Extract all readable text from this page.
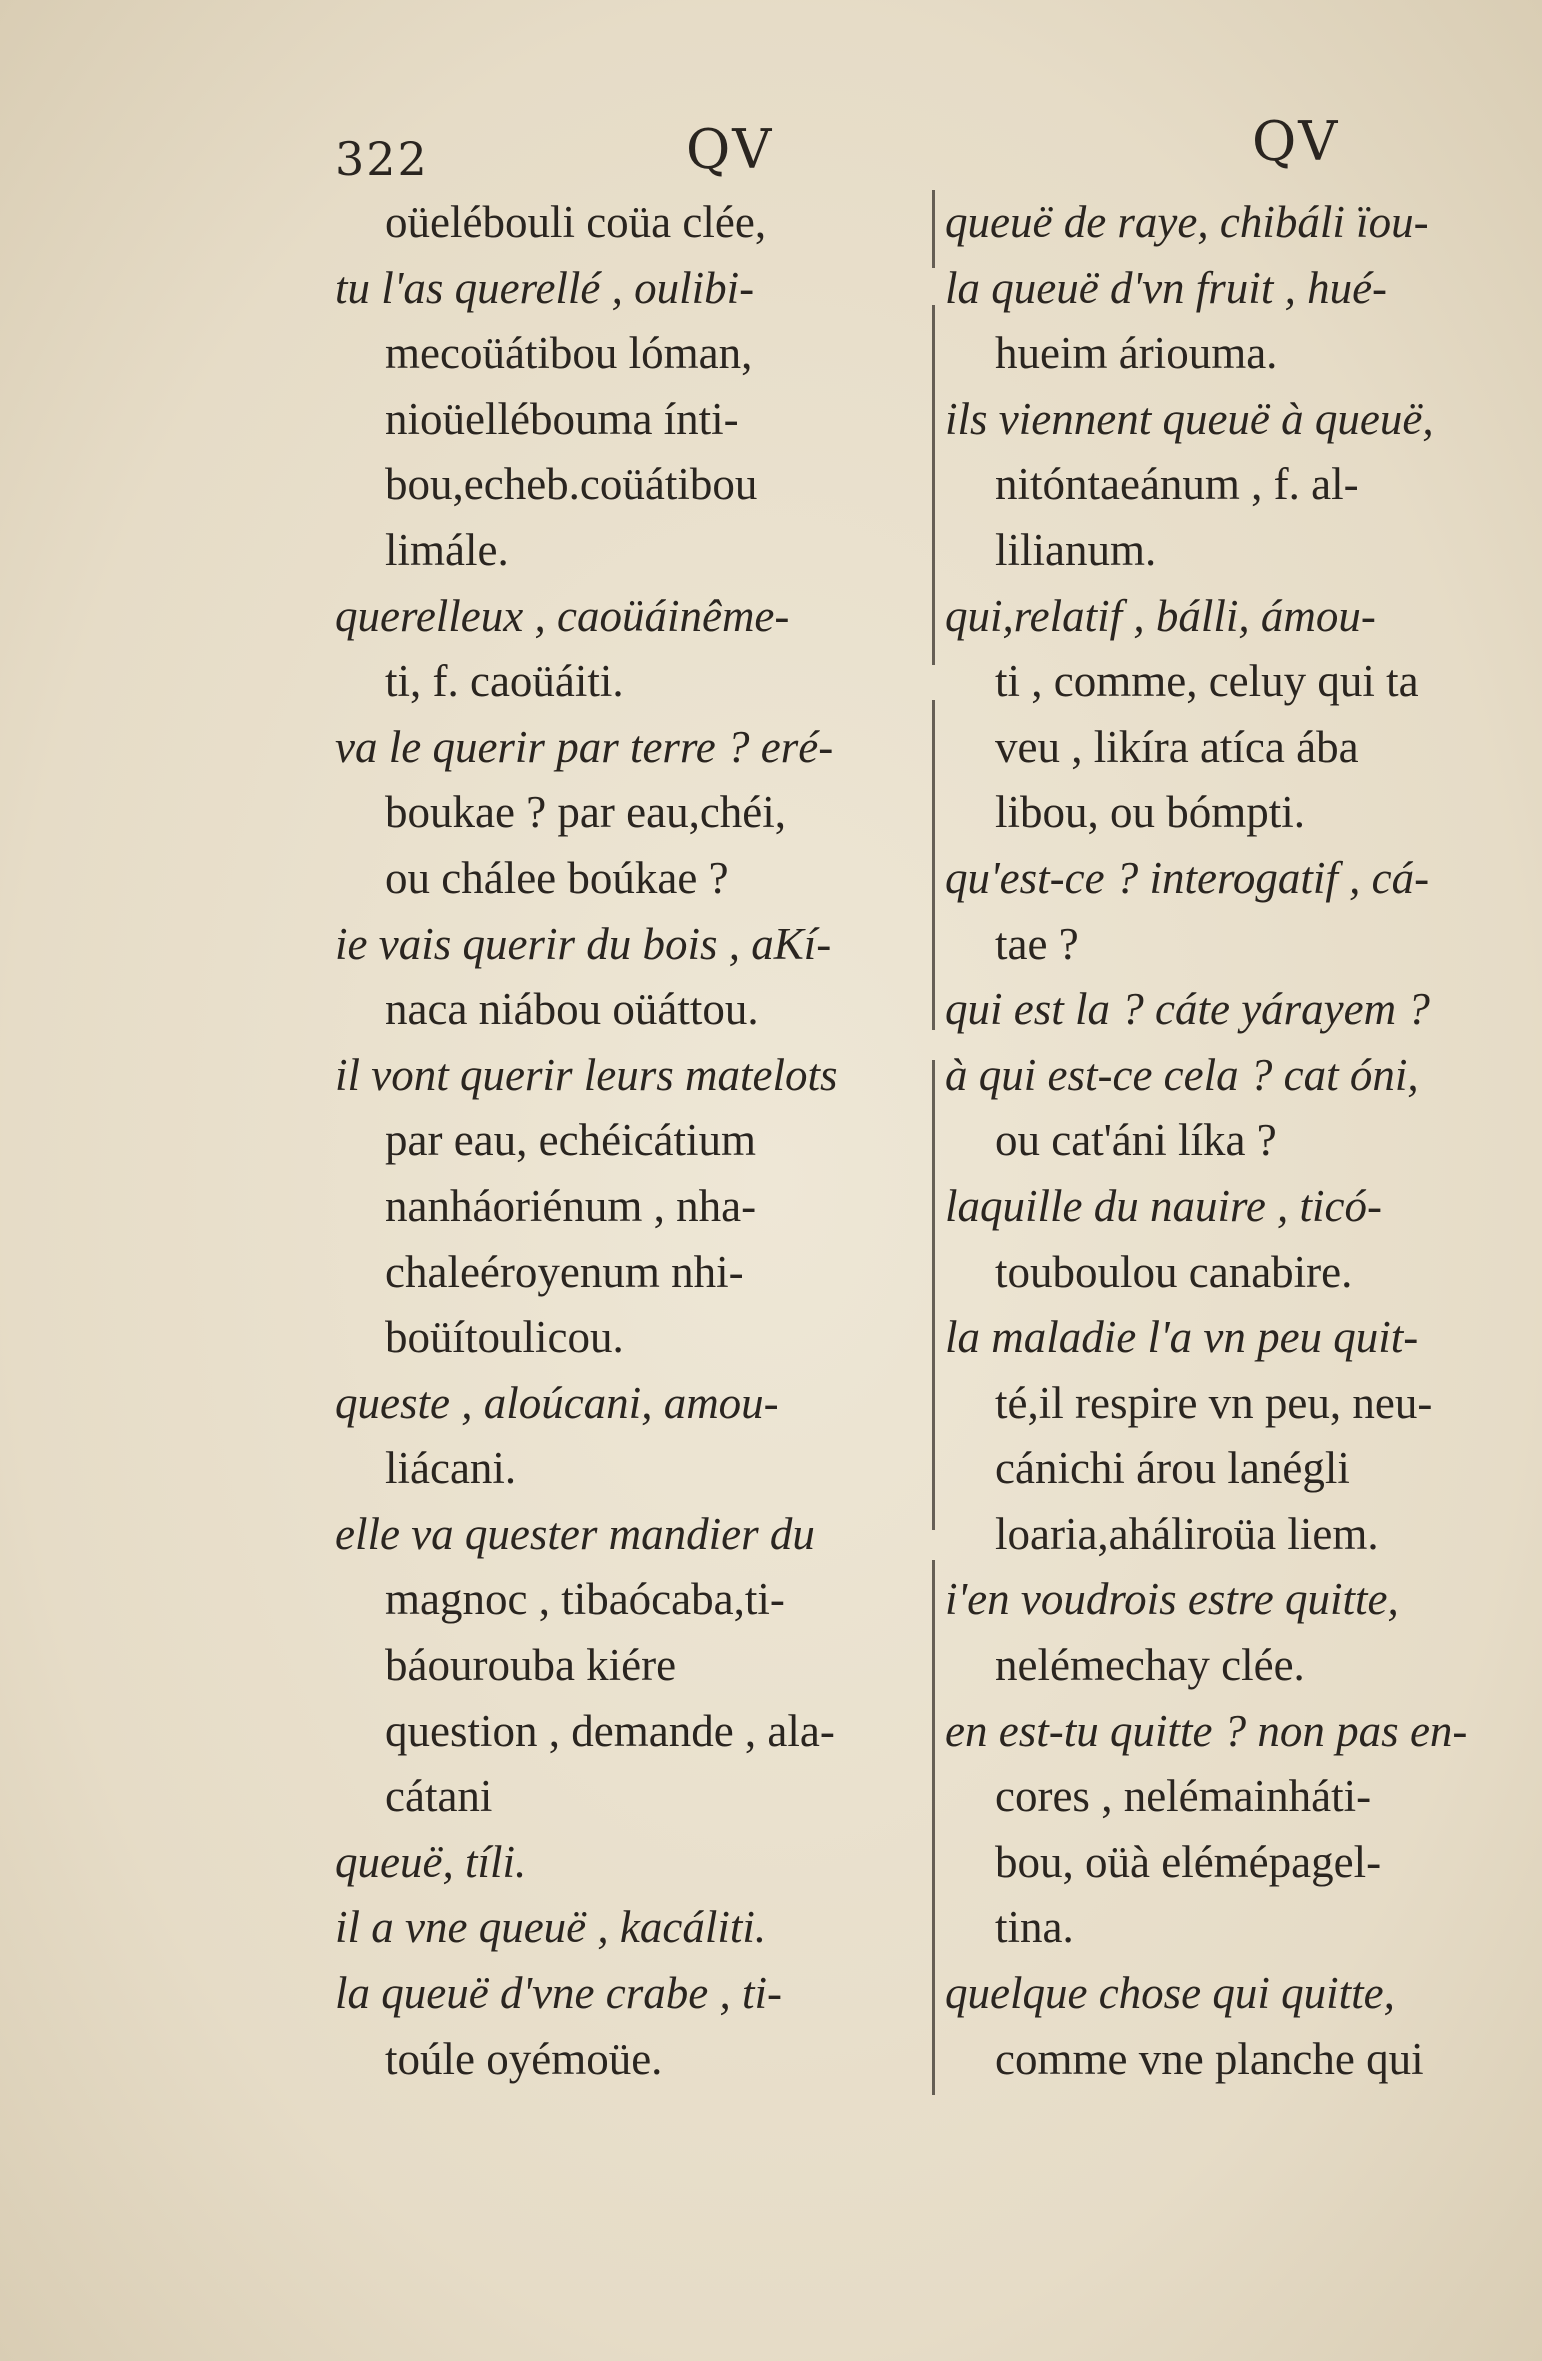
322	QV	QV
oüelébouli coüa clée,
tu l'as querellé , oulibi-
mecoüátibou lóman,
nioüellébouma ínti-
bou,echeb.coüátibou
limále.
querelleux , caoüáinême-
ti, f. caoüáiti.
va le querir par terre ? eré-
boukae ? par eau,chéi,
ou chálee boúkae ?
ie vais querir du bois , aKí-
naca niábou oüáttou.
il vont querir leurs matelots
par eau, echéicátium
nanháoriénum , nha-
chaleéroyenum nhi-
boüítoulicou.
queste , aloúcani, amou-
liácani.
elle va quester mandier du
magnoc , tibaócaba,ti-
báourouba kiére
question , demande , ala-
cátani
queuë, tíli.
il a vne queuë , kacáliti.
la queuë d'vne crabe , ti-
toúle oyémoüe.
queuë de raye, chibáli ïou-
la queuë d'vn fruit , hué-
hueim áriouma.
ils viennent queuë à queuë,
nitóntaeánum , f. al-
lilianum.
qui,relatif , bálli, ámou-
ti , comme, celuy qui ta
veu , likíra atíca ába
libou, ou bómpti.
qu'est-ce ? interogatif , cá-
tae ?
qui est la ? cáte yárayem ?
à qui est-ce cela ? cat óni,
ou cat'áni líka ?
laquille du nauire , ticó-
touboulou canabire.
la maladie l'a vn peu quit-
té,il respire vn peu, neu-
cánichi árou lanégli
loaria,aháliroüa liem.
i'en voudrois estre quitte,
nelémechay clée.
en est-tu quitte ? non pas en-
cores , nelémainháti-
bou, oüà elémépagel-
tina.
quelque chose qui quitte,
comme vne planche qui
